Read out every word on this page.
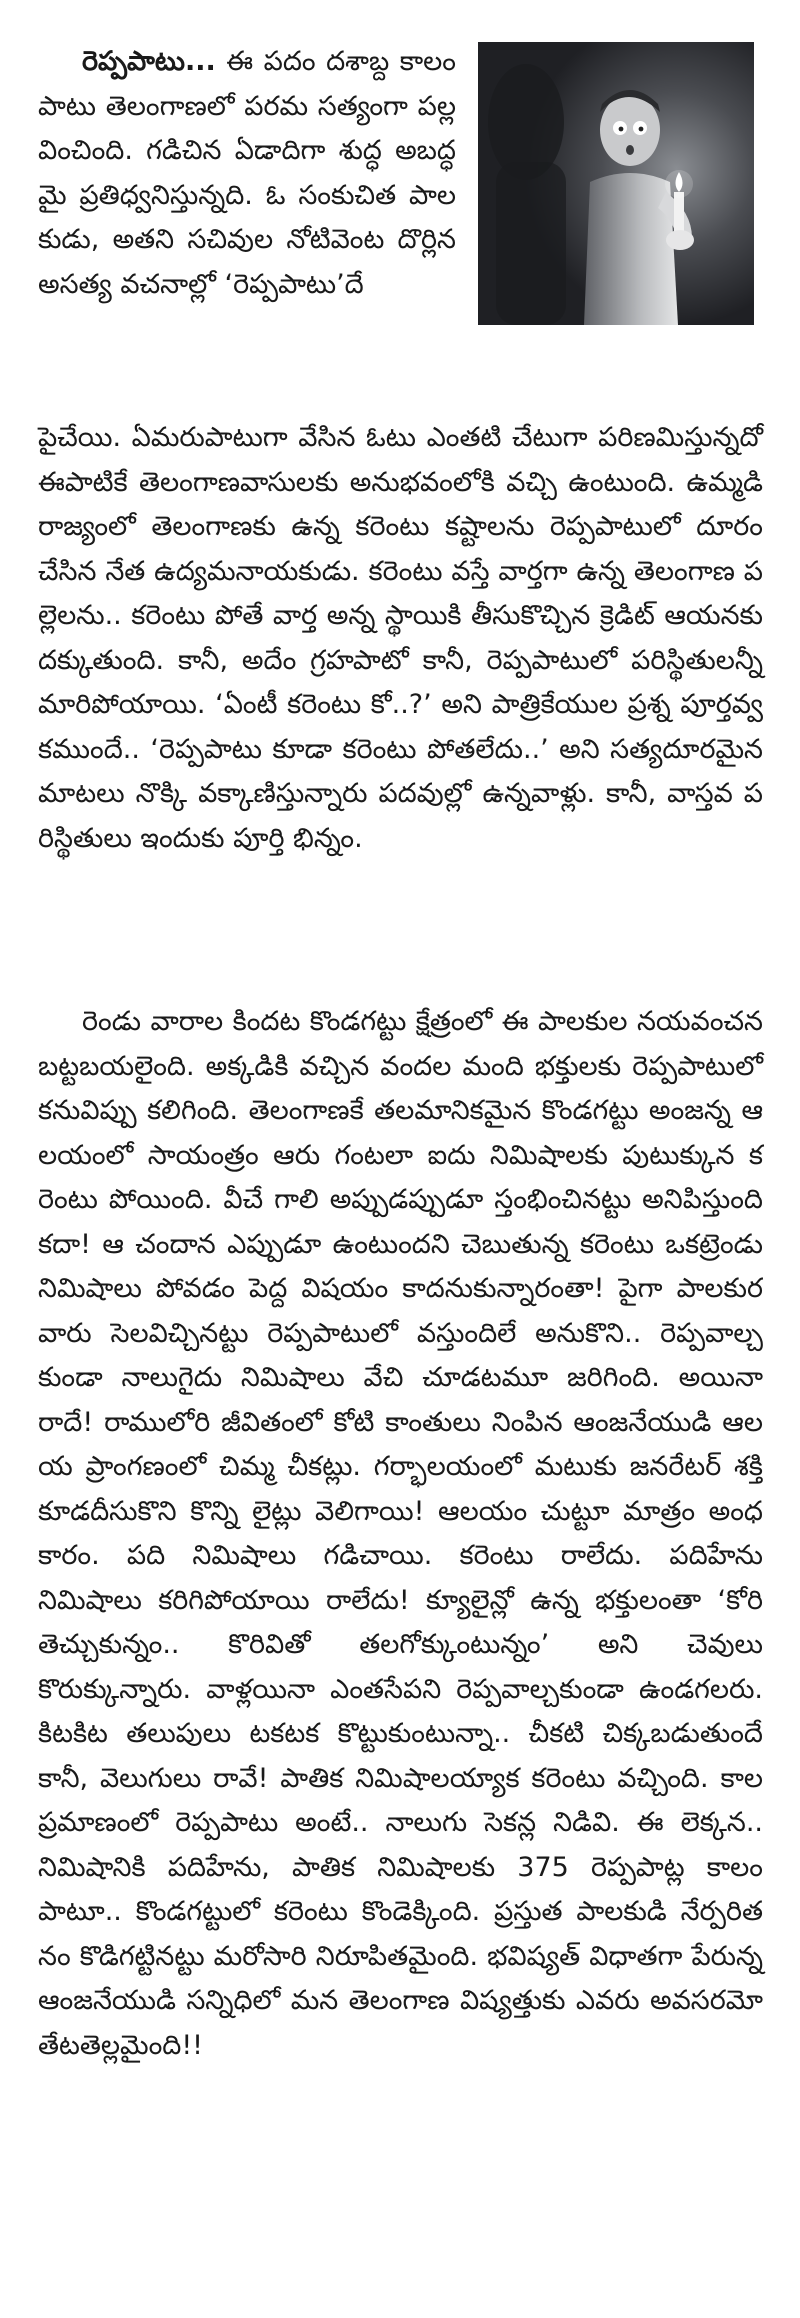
రెప్పపాటు... ఈ పదం దశాబ్ద కాలం పాటు తెలంగాణలో పరమ సత్యంగా పల్లవించింది. గడిచిన ఏడాదిగా శుద్ధ అబద్ధమై ప్రతిధ్వనిస్తున్నది. ఓ సంకుచిత పాలకుడు, అతని సచివుల నోటివెంట దొర్లిన అసత్య వచనాల్లో ‘రెప్పపాటు’దే

పైచేయి. ఏమరుపాటుగా వేసిన ఓటు ఎంతటి చేటుగా పరిణమిస్తున్నదో ఈపాటికే తెలంగాణవాసులకు అనుభవంలోకి వచ్చి ఉంటుంది. ఉమ్మడి రాజ్యంలో తెలంగాణకు ఉన్న కరెంటు కష్టాలను రెప్పపాటులో దూరం చేసిన నేత ఉద్యమనాయకుడు. కరెంటు వస్తే వార్తగా ఉన్న తెలంగాణ పల్లెలను.. కరెంటు పోతే వార్త అన్న స్థాయికి తీసుకొచ్చిన క్రెడిట్ ఆయనకు దక్కుతుంది. కానీ, అదేం గ్రహపాటో కానీ, రెప్పపాటులో పరిస్థితులన్నీ మారిపోయాయి. ‘ఏంటీ కరెంటు కో..?’ అని పాత్రికేయుల ప్రశ్న పూర్తవ్వకముందే.. ‘రెప్పపాటు కూడా కరెంటు పోతలేదు..’ అని సత్యదూరమైన మాటలు నొక్కి వక్కాణిస్తున్నారు పదవుల్లో ఉన్నవాళ్లు. కానీ, వాస్తవ పరిస్థితులు ఇందుకు పూర్తి భిన్నం.

రెండు వారాల కిందట కొండగట్టు క్షేత్రంలో ఈ పాలకుల నయవంచన బట్టబయలైంది. అక్కడికి వచ్చిన వందల మంది భక్తులకు రెప్పపాటులో కనువిప్పు కలిగింది. తెలంగాణకే తలమానికమైన కొండగట్టు అంజన్న ఆలయంలో సాయంత్రం ఆరు గంటలా ఐదు నిమిషాలకు పుటుక్కున కరెంటు పోయింది. వీచే గాలి అప్పుడప్పుడూ స్తంభించినట్టు అనిపిస్తుంది కదా! ఆ చందాన ఎప్పుడూ ఉంటుందని చెబుతున్న కరెంటు ఒకట్రెండు నిమిషాలు పోవడం పెద్ద విషయం కాదనుకున్నారంతా! పైగా పాలకురవారు సెలవిచ్చినట్టు రెప్పపాటులో వస్తుందిలే అనుకొని.. రెప్పవాల్చకుండా నాలుగైదు నిమిషాలు వేచి చూడటమూ జరిగింది. అయినా రాదే! రాములోరి జీవితంలో కోటి కాంతులు నింపిన ఆంజనేయుడి ఆలయ ప్రాంగణంలో చిమ్మ చీకట్లు. గర్భాలయంలో మటుకు జనరేటర్ శక్తి కూడదీసుకొని కొన్ని లైట్లు వెలిగాయి! ఆలయం చుట్టూ మాత్రం అంధకారం. పది నిమిషాలు గడిచాయి. కరెంటు రాలేదు. పదిహేను నిమిషాలు కరిగిపోయాయి రాలేదు! క్యూలైన్లో ఉన్న భక్తులంతా ‘కోరి తెచ్చుకున్నం.. కొరివితో తలగోక్కుంటున్నం’ అని చెవులు కొరుక్కున్నారు. వాళ్లయినా ఎంతసేపని రెప్పవాల్చకుండా ఉండగలరు. కిటకిట తలుపులు టకటక కొట్టుకుంటున్నా.. చీకటి చిక్కబడుతుందే కానీ, వెలుగులు రావే! పాతిక నిమిషాలయ్యాక కరెంటు వచ్చింది. కాల ప్రమాణంలో రెప్పపాటు అంటే.. నాలుగు సెకన్ల నిడివి. ఈ లెక్కన.. నిమిషానికి పదిహేను, పాతిక నిమిషాలకు 375 రెప్పపాట్ల కాలం పాటూ.. కొండగట్టులో కరెంటు కొండెక్కింది. ప్రస్తుత పాలకుడి నేర్పరితనం కొడిగట్టినట్టు మరోసారి నిరూపితమైంది. భవిష్యత్ విధాతగా పేరున్న ఆంజనేయుడి సన్నిధిలో మన తెలంగాణ విష్యత్తుకు ఎవరు అవసరమో తేటతెల్లమైంది!!
